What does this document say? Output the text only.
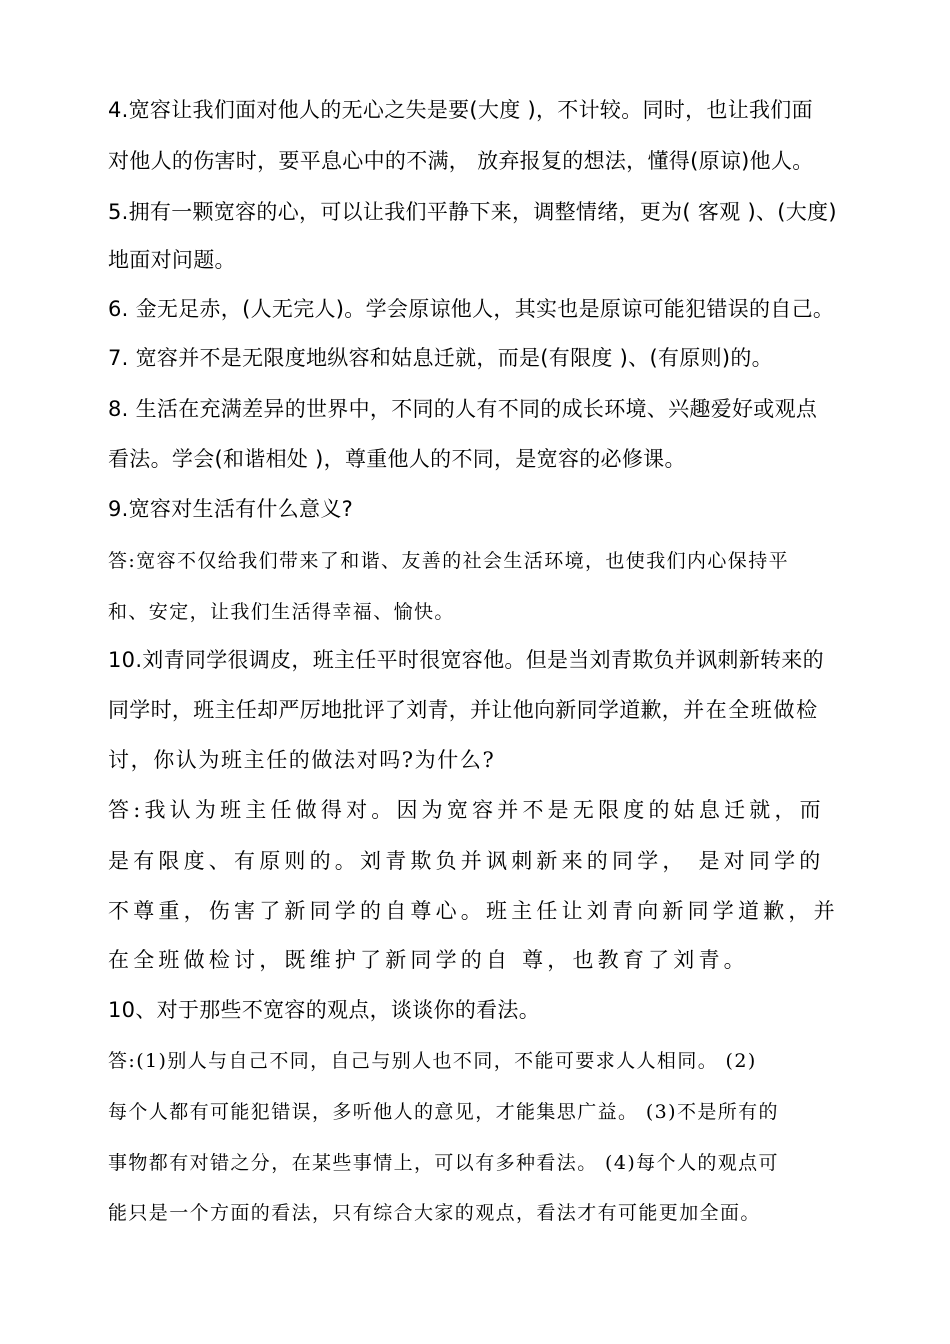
4.宽容让我们面对他人的无心之失是要(大度 )，不计较。同时，也让我们面
对他人的伤害时，要平息心中的不满， 放弃报复的想法，懂得(原谅)他人。
5.拥有一颗宽容的心，可以让我们平静下来，调整情绪，更为( 客观 )、(大度)
地面对问题。
6. 金无足赤，(人无完人)。学会原谅他人，其实也是原谅可能犯错误的自己。
7. 宽容并不是无限度地纵容和姑息迁就，而是(有限度 )、(有原则)的。
8. 生活在充满差异的世界中，不同的人有不同的成长环境、兴趣爱好或观点
看法。学会(和谐相处 )，尊重他人的不同，是宽容的必修课。
9.宽容对生活有什么意义?
答:宽容不仅给我们带来了和谐、友善的社会生活环境，也使我们内心保持平
和、安定，让我们生活得幸福、愉快。
10.刘青同学很调皮，班主任平时很宽容他。但是当刘青欺负并讽刺新转来的
同学时，班主任却严厉地批评了刘青，并让他向新同学道歉，并在全班做检
讨，你认为班主任的做法对吗?为什么?
答:我认为班主任做得对。因为宽容并不是无限度的姑息迁就，而
是有限度、有原则的。刘青欺负并讽刺新来的同学， 是对同学的
不尊重，伤害了新同学的自尊心。班主任让刘青向新同学道歉，并
在全班做检讨，既维护了新同学的自 尊，也教育了刘青。
10、对于那些不宽容的观点，谈谈你的看法。
答:(1)别人与自己不同，自己与别人也不同，不能可要求人人相同。 (2)
每个人都有可能犯错误，多听他人的意见，才能集思广益。 (3)不是所有的
事物都有对错之分，在某些事情上，可以有多种看法。 (4)每个人的观点可
能只是一个方面的看法，只有综合大家的观点，看法才有可能更加全面。
